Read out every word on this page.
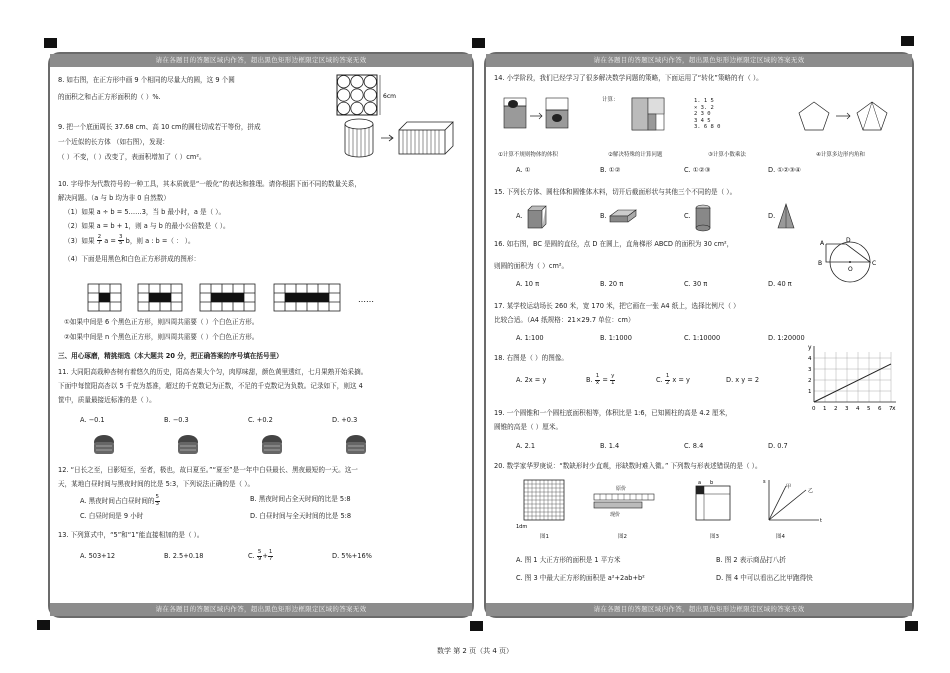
请在各题目的答题区域内作答，超出黑色矩形边框限定区域的答案无效
8. 如右图，在正方形中画 9 个相同的尽量大的圆，这 9 个圆
的面积之和占正方形面积的（ ）%.	6cm
9. 把一个底面周长 37.68 cm、高 10 cm的圆柱切成若干等份，拼成
一个近似的长方体 （如右图），发现：
（ ）不变，（ ）改变了，表面积增加了（ ）cm²。
10. 字母作为代数符号的一种工具，其本质就是“一般化”的表达和推理。请你根据下面不同的数量关系，
解决问题。（a 与 b 均为非 0 自然数）
（1）如果 a ÷ b = 5……3，当 b 最小时，a 是（ ）。
（2）如果 a = b + 1，则 a 与 b 的最小公倍数是（ ）。
（3）如果 $\frac{2}{7}$ $a = \frac{3}{5}$ b，则 a : b =（ ： ）。
（4）下面是用黑色和白色正方形拼成的图形：
……
①如果中间是 6 个黑色正方形，则四周共需要（ ）个白色正方形。
②如果中间是 n 个黑色正方形，则四周共需要（ ）个白色正方形。
三、用心琢磨，精挑细选（本大题共 20 分，把正确答案的序号填在括号里）
11. 大同阳高栽种杏树有着悠久的历史，阳高杏果大个匀，肉厚味甜，颜色黄里透红，七月果熟开始采摘。
下面中每筐阳高杏以 5 千克为基准，超过的千克数记为正数，不足的千克数记为负数。记录如下，则这 4
筐中，质量最接近标准的是（ ）。
A. −0.1	B. −0.3	C. +0.2	D. +0.3
12. “日长之至，日影短至，至者，极也，故曰夏至。”“夏至”是一年中白昼最长、黑夜最短的一天。这一
天，某地白昼时间与黑夜时间的比是 5:3，下列说法正确的是（ ）。
A. 黑夜时间占白昼时间的 $\frac{5}{3}$	B. 黑夜时间占全天时间的比是 5:8
C. 白昼时间是 9 小时	D. 白昼时间与全天时间的比是 5:8
13. 下列算式中，“5”和“1”能直接相加的是（ ）。
A. 503+12	B. 2.5+0.18	C. $\frac{5}{9} + \frac{1}{7}$	D. 5%+16%
请在各题目的答题区域内作答，超出黑色矩形边框限定区域的答案无效
请在各题目的答题区域内作答，超出黑色矩形边框限定区域的答案无效
14. 小学阶段，我们已经学习了很多解决数学问题的策略，下面运用了“转化”策略的有（ ）。
计算：	1. 1 5
× 3. 2
2 3 0
3 4 5
3. 6 8 0
①计算不规则物体的体积	②解决特殊的计算问题	③计算小数乘法	④计算多边形内角和
A. ①	B. ①②	C. ①②③	D. ①②③④
15. 下列长方体、圆柱体和圆锥体木料，切开后截面形状与其他三个不同的是（ ）。
A.	B.	C.	D.
16. 如右图，BC 是圆的直径，点 D 在圆上，直角梯形 ABCD 的面积为 30 cm²，
则圆的面积为（ ）cm²。
A. 10 π	B. 20 π	C. 30 π	D. 40 π
A	D
B	C
O
17. 某学校运动场长 260 米，宽 170 米，把它画在一张 A4 纸上，选择比例尺（ ）
比较合适。（A4 纸规格：21×29.7 单位：cm）
A. 1:100	B. 1:1000	C. 1:10000	D. 1:20000
18. 右图是（ ）的图像。
A. 2x = y	B. $\frac{1}{x} = \frac{y}{1}$	C. $\frac{1}{2}$ x = y	D. x y = 2
x
y
0 1 2 3 4 5 6 7
1
2
3
4
19. 一个圆锥和一个圆柱底面积相等，体积比是 1:6，已知圆柱的高是 4.2 厘米，
圆锥的高是（ ）厘米。
A. 2.1	B. 1.4	C. 8.4	D. 0.7
20. 数学家华罗庚说：“数缺形时少直观，形缺数时难入微。” 下列数与形表述错误的是（ ）。
1dm
原价
现价
a b
甲
乙
s
t
图1	图2	图3	图4
A. 图 1 大正方形的面积是 1 平方米	B. 图 2 表示商品打八折
C. 图 3 中最大正方形的面积是 a²+2ab+b²	D. 图 4 中可以看出乙比甲跑得快
请在各题目的答题区域内作答，超出黑色矩形边框限定区域的答案无效
数学 第 2 页（共 4 页）
